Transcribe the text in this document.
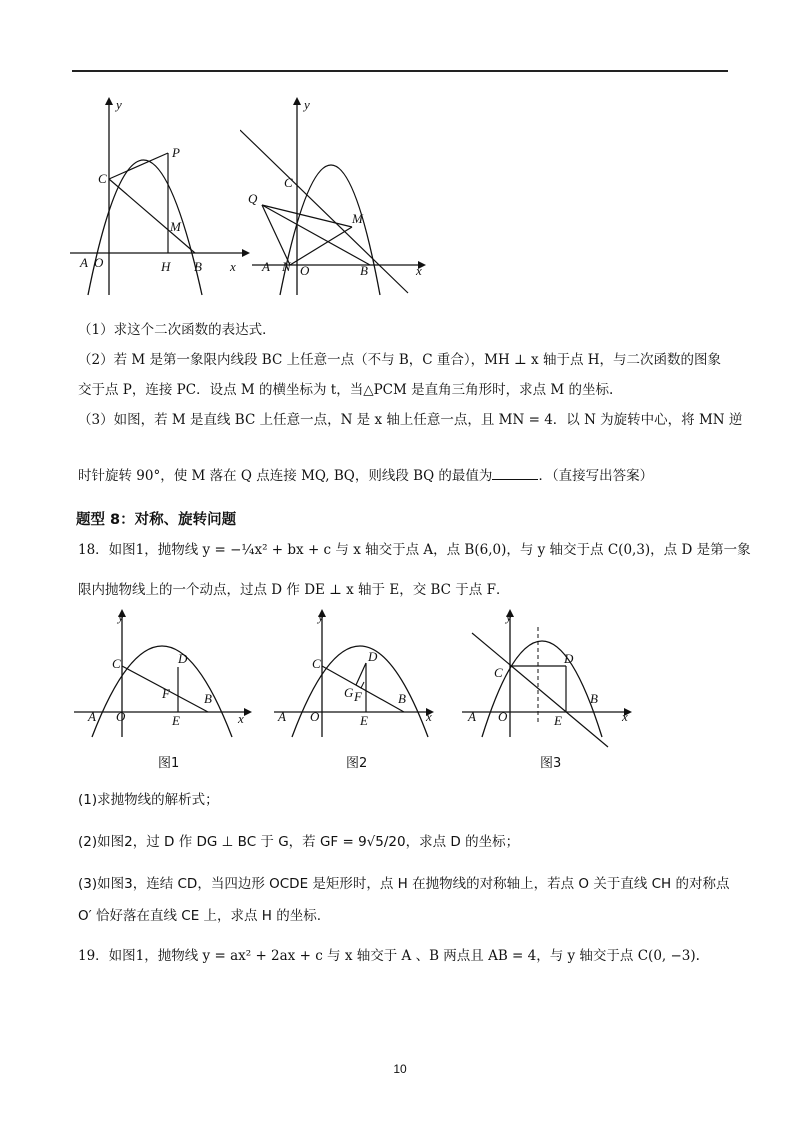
y
C
P
M
A O	H B x
y
C
Q
M
A N O	B	x
（1）求这个二次函数的表达式．
（2）若 M 是第一象限内线段 BC 上任意一点（不与 B，C 重合），MH ⊥ x 轴于点 H，与二次函数的图象
交于点 P，连接 PC．设点 M 的横坐标为 t，当△PCM 是直角三角形时，求点 M 的坐标.
（3）如图，若 M 是直线 BC 上任意一点，N 是 x 轴上任意一点，且 MN = 4．以 N 为旋转中心，将 MN 逆
时针旋转 90°，使 M 落在 Q 点连接 MQ, BQ，则线段 BQ 的最值为	．（直接写出答案）
题型 8：对称、旋转问题
18．如图1，抛物线 y = −¼x² + bx + c 与 x 轴交于点 A，点 B(6,0)，与 y 轴交于点 C(0,3)，点 D 是第一象
限内抛物线上的一个动点，过点 D 作 DE ⊥ x 轴于 E，交 BC 于点 F．
y
C	D
F	B
A O	E	x
图1
y
C	D
G F	B
A O	E	x
图2
y
C
D
B
A O	E	x
图3
(1)求抛物线的解析式；
(2)如图2，过 D 作 DG ⊥ BC 于 G，若 GF = 9√5/20，求点 D 的坐标；
(3)如图3，连结 CD，当四边形 OCDE 是矩形时，点 H 在抛物线的对称轴上，若点 O 关于直线 CH 的对称点
O′ 恰好落在直线 CE 上，求点 H 的坐标.
19．如图1，抛物线 y = ax² + 2ax + c 与 x 轴交于 A 、B 两点且 AB = 4，与 y 轴交于点 C(0, −3).
10
